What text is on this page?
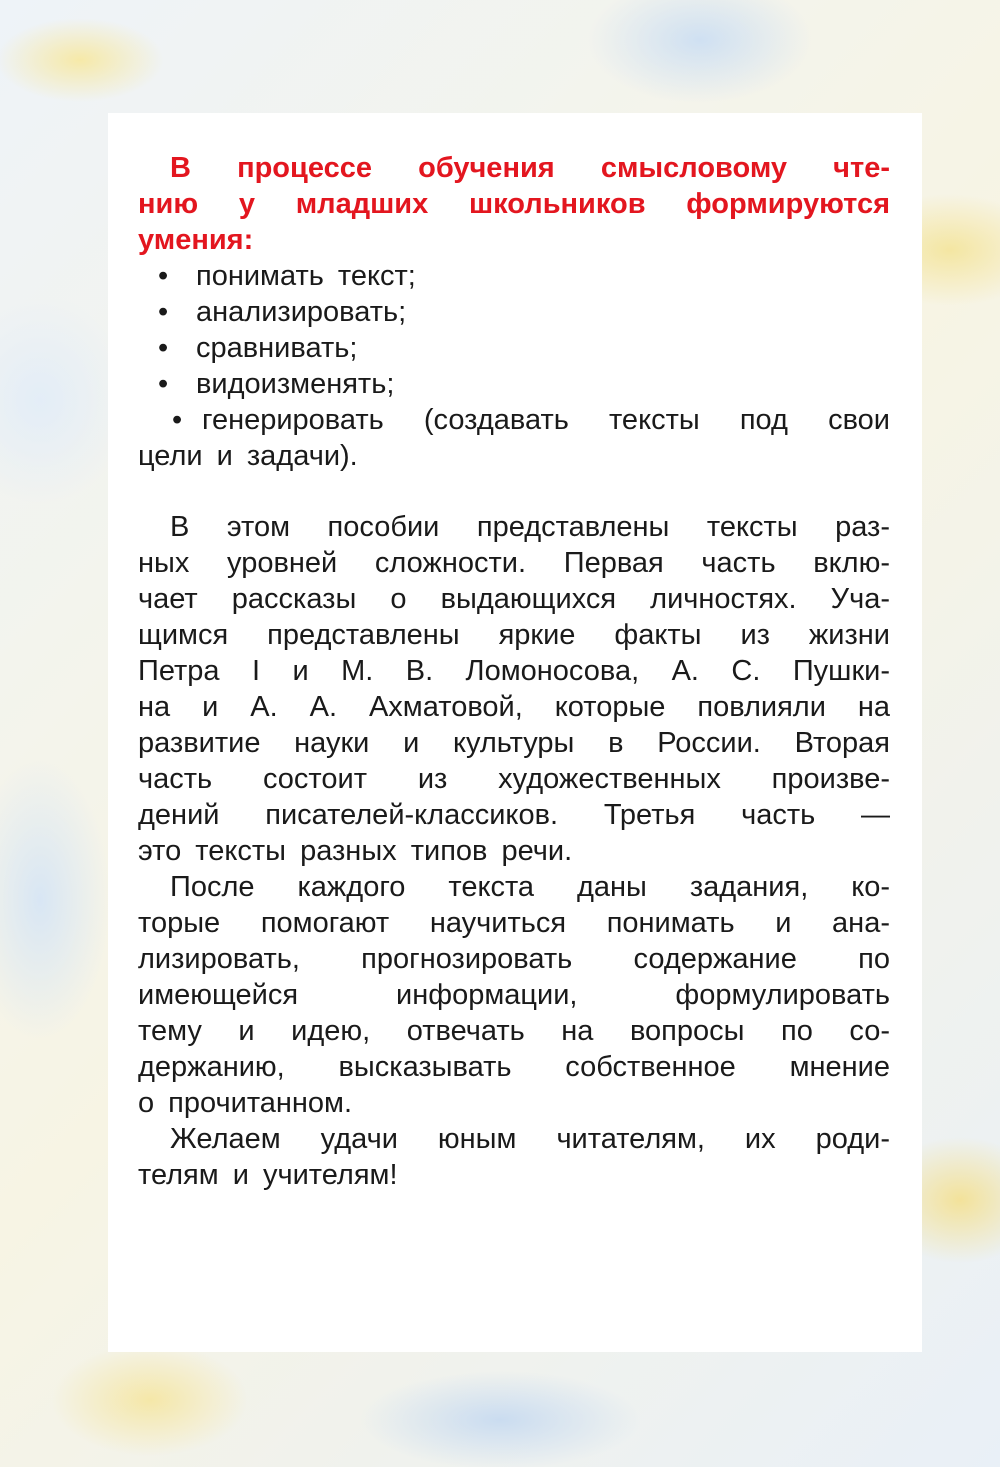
В процессе обучения смысловому чте-
нию у младших школьников формируются
умения:
• понимать текст;
• анализировать;
• сравнивать;
• видоизменять;
• генерировать (создавать тексты под свои
цели и задачи).
В этом пособии представлены тексты раз-
ных уровней сложности. Первая часть вклю-
чает рассказы о выдающихся личностях. Уча-
щимся представлены яркие факты из жизни
Петра I и М. В. Ломоносова, А. С. Пушки-
на и А. А. Ахматовой, которые повлияли на
развитие науки и культуры в России. Вторая
часть состоит из художественных произве-
дений писателей-классиков. Третья часть —
это тексты разных типов речи.
После каждого текста даны задания, ко-
торые помогают научиться понимать и ана-
лизировать, прогнозировать содержание по
имеющейся информации, формулировать
тему и идею, отвечать на вопросы по со-
держанию, высказывать собственное мнение
о прочитанном.
Желаем удачи юным читателям, их роди-
телям и учителям!
